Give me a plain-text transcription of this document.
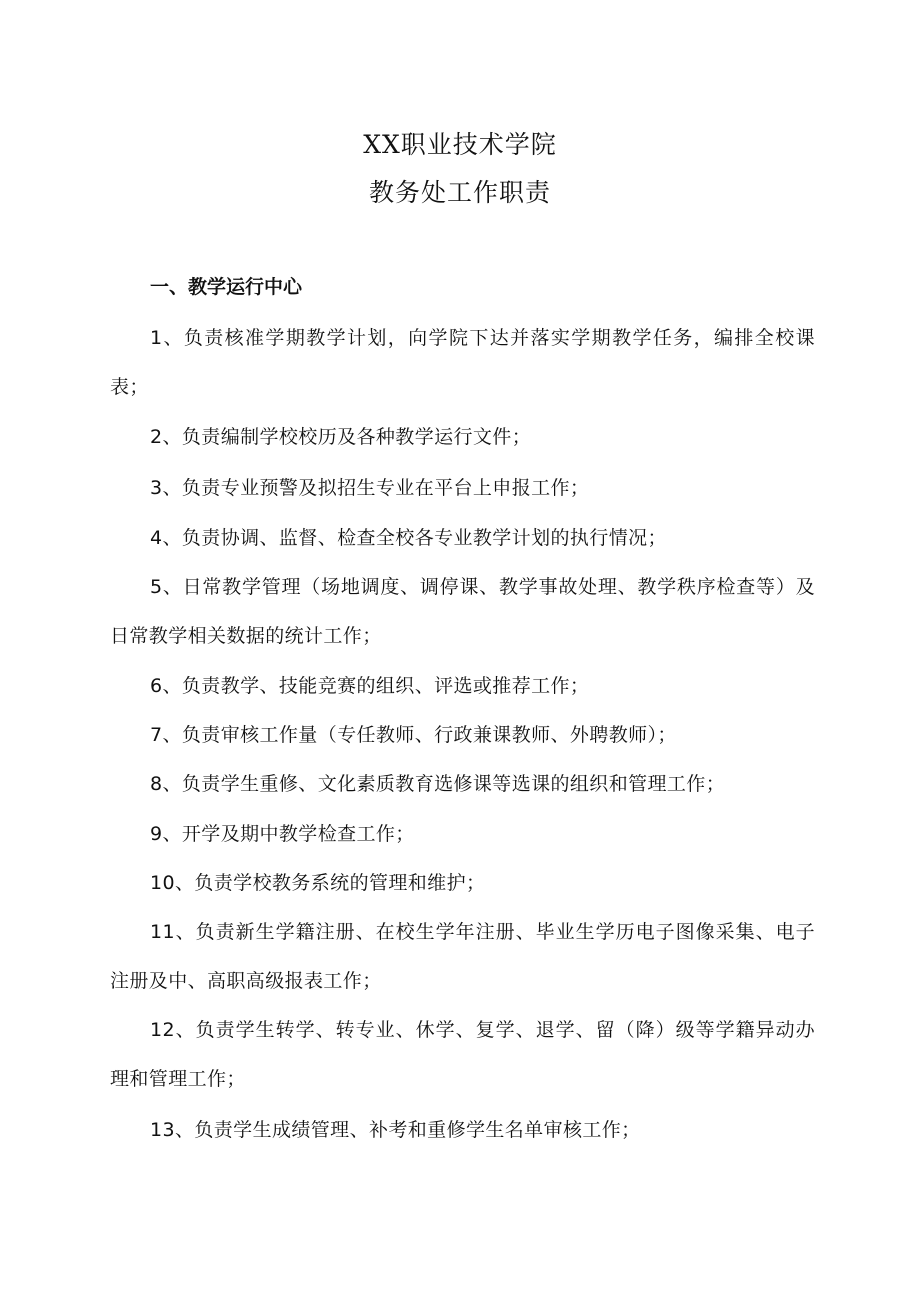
XX职业技术学院
教务处工作职责
一、教学运行中心

1、负责核准学期教学计划，向学院下达并落实学期教学任务，编排全校课表；

2、负责编制学校校历及各种教学运行文件；

3、负责专业预警及拟招生专业在平台上申报工作；

4、负责协调、监督、检查全校各专业教学计划的执行情况；

5、日常教学管理（场地调度、调停课、教学事故处理、教学秩序检查等）及日常教学相关数据的统计工作；

6、负责教学、技能竞赛的组织、评选或推荐工作；

7、负责审核工作量（专任教师、行政兼课教师、外聘教师）；

8、负责学生重修、文化素质教育选修课等选课的组织和管理工作；

9、开学及期中教学检查工作；

10、负责学校教务系统的管理和维护；

11、负责新生学籍注册、在校生学年注册、毕业生学历电子图像采集、电子注册及中、高职高级报表工作；

12、负责学生转学、转专业、休学、复学、退学、留（降）级等学籍异动办理和管理工作；

13、负责学生成绩管理、补考和重修学生名单审核工作；
